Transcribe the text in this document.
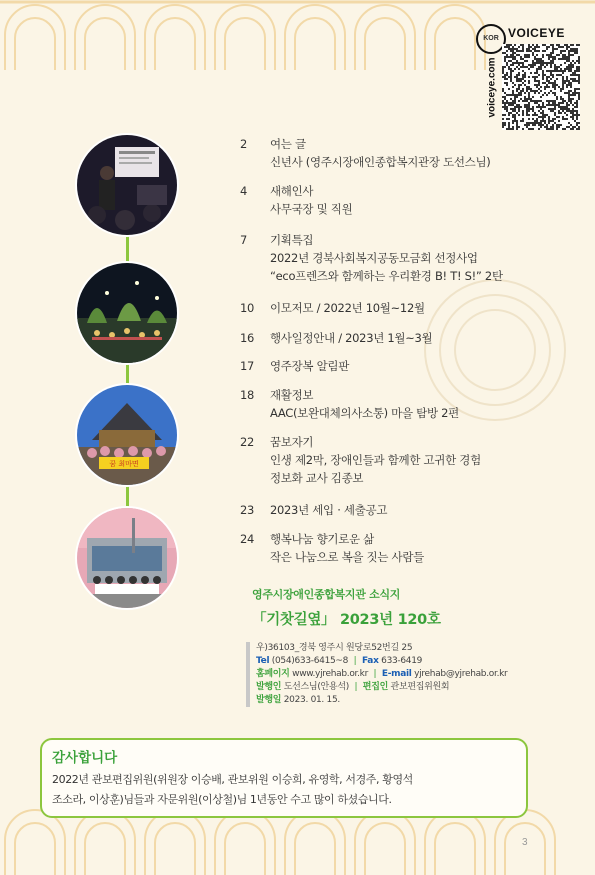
KOR VOICEYE
voiceye.com
꿈 최마면
2	여는 글
신년사 (영주시장애인종합복지관장 도선스님)
4	새해인사
사무국장 및 직원
7	기획특집
2022년 경북사회복지공동모금회 선정사업
“eco프렌즈와 함께하는 우리환경 B! T! S!” 2탄
10	이모저모 / 2022년 10월~12월
16	행사일정안내 / 2023년 1월~3월
17	영주장복 알림판
18	재활정보
AAC(보완대체의사소통) 마을 탐방 2편
22	꿈보자기
인생 제2막, 장애인들과 함께한 고귀한 경험
정보화 교사 김종보
23	2023년 세입 · 세출공고
24	행복나눔 향기로운 삶
작은 나눔으로 복을 짓는 사람들
영주시장애인종합복지관 소식지
「기찻길옆」 2023년 120호
우)36103_경북 영주시 원당로52번길 25
Tel (054)633-6415~8 | Fax 633-6419
홈페이지 www.yjrehab.or.kr | E-mail yjrehab@yjrehab.or.kr
발행인 도선스님(안용석) | 편집인 관보편집위원회
발행일 2023. 01. 15.
감사합니다
2022년 관보편집위원(위원장 이승배, 관보위원 이승희, 유영학, 서경주, 황영석
조소라, 이상훈)님들과 자문위원(이상철)님 1년동안 수고 많이 하셨습니다.
3
